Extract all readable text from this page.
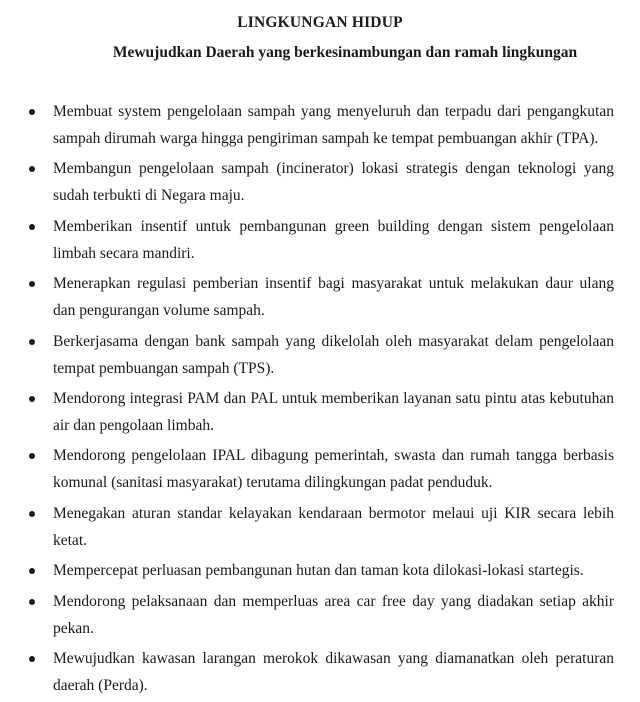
LINGKUNGAN HIDUP
Mewujudkan Daerah yang berkesinambungan dan ramah lingkungan
Membuat system pengelolaan sampah yang menyeluruh dan terpadu dari pengangkutan sampah dirumah warga hingga pengiriman sampah ke tempat pembuangan akhir (TPA).
Membangun pengelolaan sampah (incinerator) lokasi strategis dengan teknologi yang sudah terbukti di Negara maju.
Memberikan insentif untuk pembangunan green building dengan sistem pengelolaan limbah secara mandiri.
Menerapkan regulasi pemberian insentif bagi masyarakat untuk melakukan daur ulang dan pengurangan volume sampah.
Berkerjasama dengan bank sampah yang dikelolah oleh masyarakat delam pengelolaan tempat pembuangan sampah (TPS).
Mendorong integrasi PAM dan PAL untuk memberikan layanan satu pintu atas kebutuhan air dan pengolaan limbah.
Mendorong pengelolaan IPAL dibagung pemerintah, swasta dan rumah tangga berbasis komunal (sanitasi masyarakat) terutama dilingkungan padat penduduk.
Menegakan aturan standar kelayakan kendaraan bermotor melaui uji KIR secara lebih ketat.
Mempercepat perluasan pembangunan hutan dan taman kota dilokasi-lokasi startegis.
Mendorong pelaksanaan dan memperluas area car free day yang diadakan setiap akhir pekan.
Mewujudkan kawasan larangan merokok dikawasan yang diamanatkan oleh peraturan daerah (Perda).
